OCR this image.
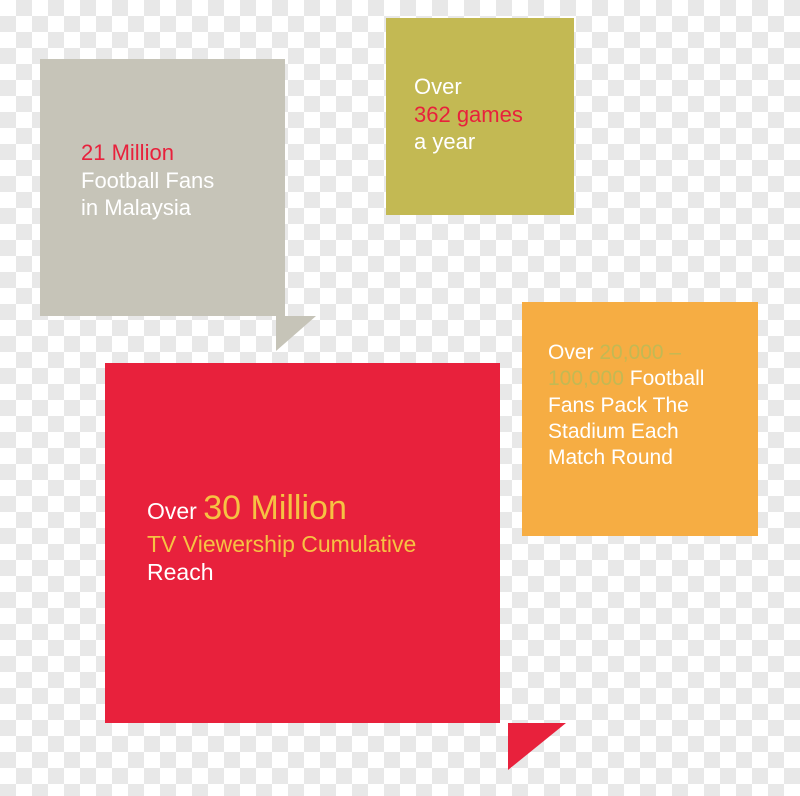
21 Million
Football Fans
in Malaysia
Over
362 games
a year
Over 20,000 –
100,000 Football
Fans Pack The
Stadium Each
Match Round
Over 30 Million
TV Viewership Cumulative
Reach
